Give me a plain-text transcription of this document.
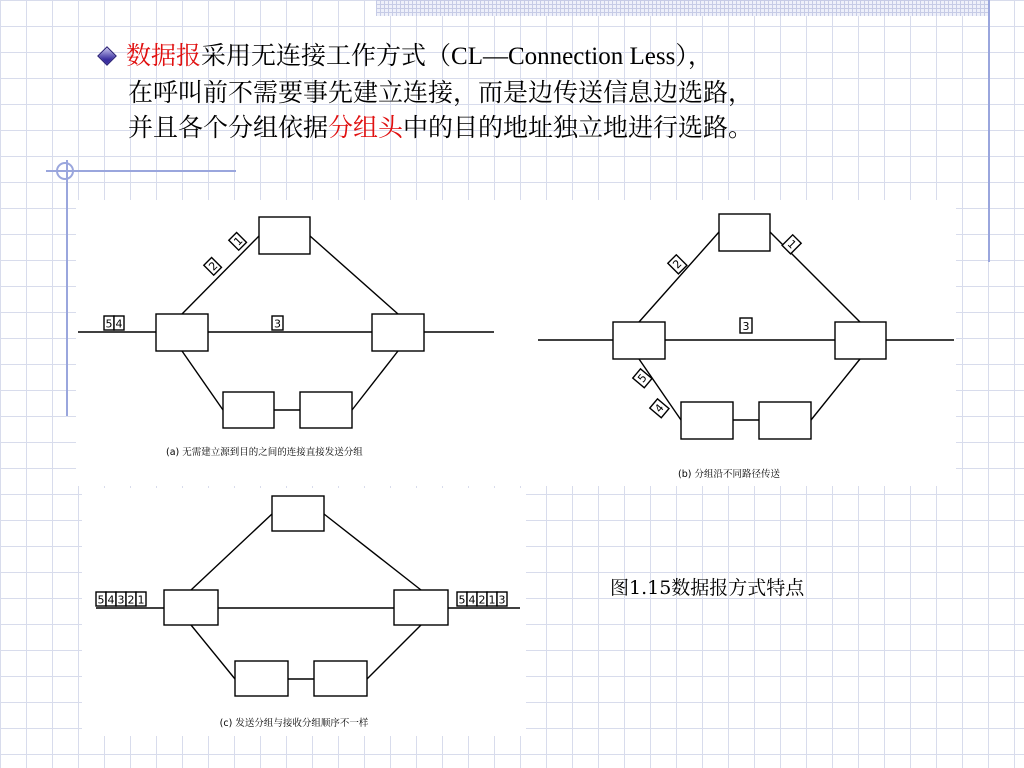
数据报采用无连接工作方式（CL—Connection Less），
在呼叫前不需要事先建立连接，而是边传送信息边选路，
并且各个分组依据分组头中的目的地址独立地进行选路。
5 4	3
2
1
(a) 无需建立源到目的之间的连接直接发送分组
3
2
1
5
4
(b) 分组沿不同路径传送
5 4 3 2 1	5 4 2 1 3
(c) 发送分组与接收分组顺序不一样
图1.15数据报方式特点
